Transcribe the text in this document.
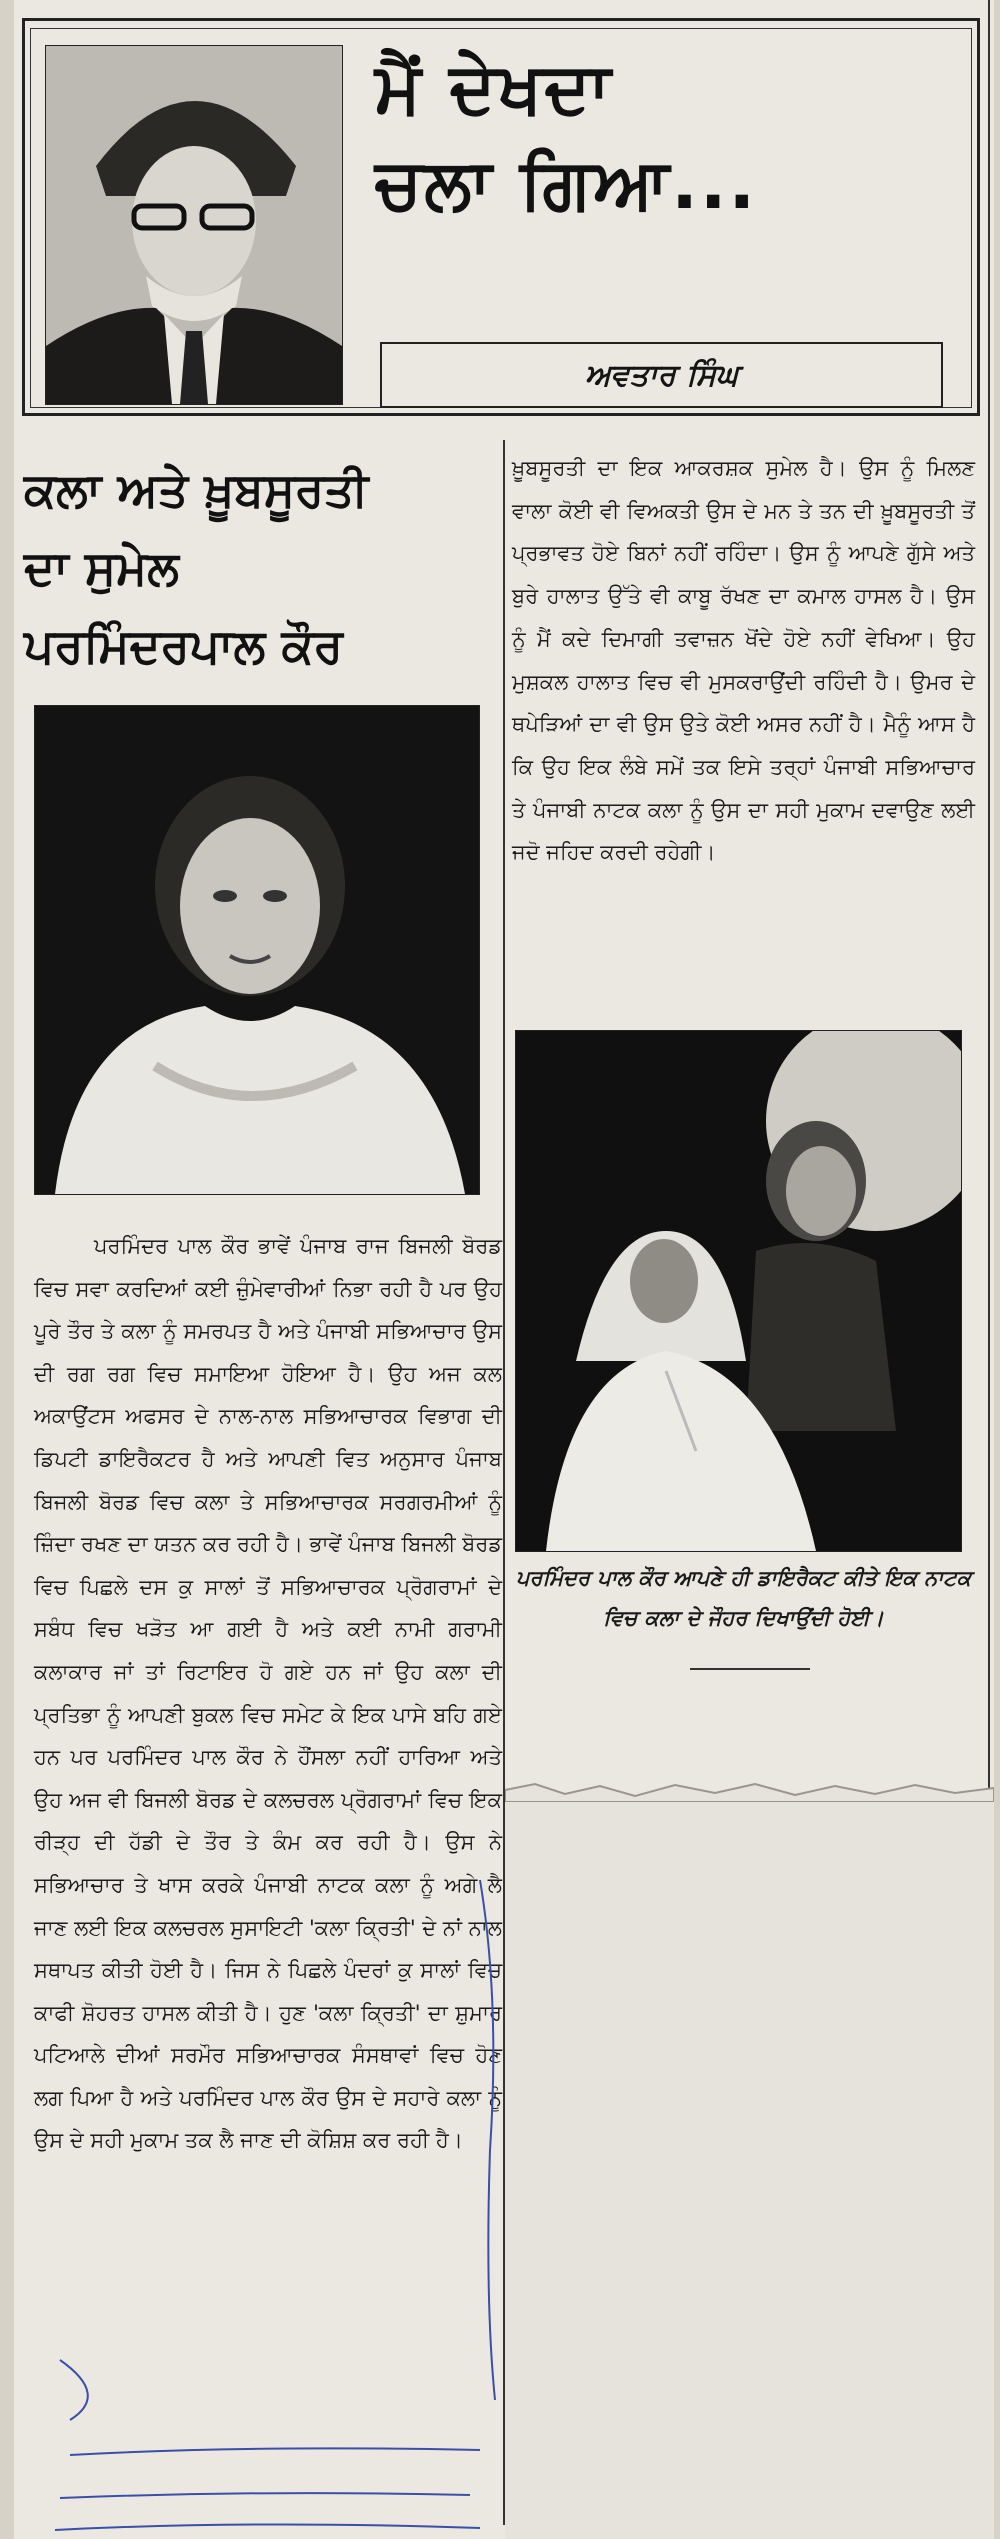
ਮੈਂ ਦੇਖਦਾ
ਚਲਾ ਗਿਆ...
ਅਵਤਾਰ ਸਿੰਘ
ਕਲਾ ਅਤੇ ਖ਼ੂਬਸੂਰਤੀ
ਦਾ ਸੁਮੇਲ
ਪਰਮਿੰਦਰਪਾਲ ਕੌਰ
ਪਰਮਿੰਦਰ ਪਾਲ ਕੌਰ ਭਾਵੇਂ ਪੰਜਾਬ ਰਾਜ ਬਿਜਲੀ ਬੋਰਡ ਵਿਚ ਸਵਾ ਕਰਦਿਆਂ ਕਈ ਜ਼ੁੰਮੇਵਾਰੀਆਂ ਨਿਭਾ ਰਹੀ ਹੈ ਪਰ ਉਹ ਪੂਰੇ ਤੌਰ ਤੇ ਕਲਾ ਨੂੰ ਸਮਰਪਤ ਹੈ ਅਤੇ ਪੰਜਾਬੀ ਸਭਿਆਚਾਰ ਉਸ ਦੀ ਰਗ ਰਗ ਵਿਚ ਸਮਾਇਆ ਹੋਇਆ ਹੈ। ਉਹ ਅਜ ਕਲ ਅਕਾਉਂਟਸ ਅਫਸਰ ਦੇ ਨਾਲ-ਨਾਲ ਸਭਿਆਚਾਰਕ ਵਿਭਾਗ ਦੀ ਡਿਪਟੀ ਡਾਇਰੈਕਟਰ ਹੈ ਅਤੇ ਆਪਣੀ ਵਿਤ ਅਨੁਸਾਰ ਪੰਜਾਬ ਬਿਜਲੀ ਬੋਰਡ ਵਿਚ ਕਲਾ ਤੇ ਸਭਿਆਚਾਰਕ ਸਰਗਰਮੀਆਂ ਨੂੰ ਜ਼ਿੰਦਾ ਰਖਣ ਦਾ ਯਤਨ ਕਰ ਰਹੀ ਹੈ। ਭਾਵੇਂ ਪੰਜਾਬ ਬਿਜਲੀ ਬੋਰਡ ਵਿਚ ਪਿਛਲੇ ਦਸ ਕੁ ਸਾਲਾਂ ਤੋਂ ਸਭਿਆਚਾਰਕ ਪ੍ਰੋਗਰਾਮਾਂ ਦੇ ਸਬੰਧ ਵਿਚ ਖੜੋਤ ਆ ਗਈ ਹੈ ਅਤੇ ਕਈ ਨਾਮੀ ਗਰਾਮੀ ਕਲਾਕਾਰ ਜਾਂ ਤਾਂ ਰਿਟਾਇਰ ਹੋ ਗਏ ਹਨ ਜਾਂ ਉਹ ਕਲਾ ਦੀ ਪ੍ਰਤਿਭਾ ਨੂੰ ਆਪਣੀ ਬੁਕਲ ਵਿਚ ਸਮੇਟ ਕੇ ਇਕ ਪਾਸੇ ਬਹਿ ਗਏ ਹਨ ਪਰ ਪਰਮਿੰਦਰ ਪਾਲ ਕੌਰ ਨੇ ਹੌਂਸਲਾ ਨਹੀਂ ਹਾਰਿਆ ਅਤੇ ਉਹ ਅਜ ਵੀ ਬਿਜਲੀ ਬੋਰਡ ਦੇ ਕਲਚਰਲ ਪ੍ਰੋਗਰਾਮਾਂ ਵਿਚ ਇਕ ਰੀੜ੍ਹ ਦੀ ਹੱਡੀ ਦੇ ਤੌਰ ਤੇ ਕੰਮ ਕਰ ਰਹੀ ਹੈ। ਉਸ ਨੇ ਸਭਿਆਚਾਰ ਤੇ ਖਾਸ ਕਰਕੇ ਪੰਜਾਬੀ ਨਾਟਕ ਕਲਾ ਨੂੰ ਅਗੇ ਲੈ ਜਾਣ ਲਈ ਇਕ ਕਲਚਰਲ ਸੁਸਾਇਟੀ 'ਕਲਾ ਕ੍ਰਿਤੀ' ਦੇ ਨਾਂ ਨਾਲ ਸਥਾਪਤ ਕੀਤੀ ਹੋਈ ਹੈ। ਜਿਸ ਨੇ ਪਿਛਲੇ ਪੰਦਰਾਂ ਕੁ ਸਾਲਾਂ ਵਿਚ ਕਾਫੀ ਸ਼ੋਹਰਤ ਹਾਸਲ ਕੀਤੀ ਹੈ। ਹੁਣ 'ਕਲਾ ਕ੍ਰਿਤੀ' ਦਾ ਸ਼ੁਮਾਰ ਪਟਿਆਲੇ ਦੀਆਂ ਸਰਮੌਰ ਸਭਿਆਚਾਰਕ ਸੰਸਥਾਵਾਂ ਵਿਚ ਹੋਣ ਲਗ ਪਿਆ ਹੈ ਅਤੇ ਪਰਮਿੰਦਰ ਪਾਲ ਕੌਰ ਉਸ ਦੇ ਸਹਾਰੇ ਕਲਾ ਨੂੰ ਉਸ ਦੇ ਸਹੀ ਮੁਕਾਮ ਤਕ ਲੈ ਜਾਣ ਦੀ ਕੋਸ਼ਿਸ਼ ਕਰ ਰਹੀ ਹੈ।
ਖ਼ੂਬਸੂਰਤੀ ਦਾ ਇਕ ਆਕਰਸ਼ਕ ਸੁਮੇਲ ਹੈ। ਉਸ ਨੂੰ ਮਿਲਣ ਵਾਲਾ ਕੋਈ ਵੀ ਵਿਅਕਤੀ ਉਸ ਦੇ ਮਨ ਤੇ ਤਨ ਦੀ ਖ਼ੂਬਸੂਰਤੀ ਤੋਂ ਪ੍ਰਭਾਵਤ ਹੋਏ ਬਿਨਾਂ ਨਹੀਂ ਰਹਿੰਦਾ। ਉਸ ਨੂੰ ਆਪਣੇ ਗੁੱਸੇ ਅਤੇ ਬੁਰੇ ਹਾਲਾਤ ਉੱਤੇ ਵੀ ਕਾਬੂ ਰੱਖਣ ਦਾ ਕਮਾਲ ਹਾਸਲ ਹੈ। ਉਸ ਨੂੰ ਮੈਂ ਕਦੇ ਦਿਮਾਗੀ ਤਵਾਜ਼ਨ ਖੋਂਦੇ ਹੋਏ ਨਹੀਂ ਵੇਖਿਆ। ਉਹ ਮੁਸ਼ਕਲ ਹਾਲਾਤ ਵਿਚ ਵੀ ਮੁਸਕਰਾਉਂਦੀ ਰਹਿੰਦੀ ਹੈ। ਉਮਰ ਦੇ ਥਪੇੜਿਆਂ ਦਾ ਵੀ ਉਸ ਉਤੇ ਕੋਈ ਅਸਰ ਨਹੀਂ ਹੈ। ਮੈਨੂੰ ਆਸ ਹੈ ਕਿ ਉਹ ਇਕ ਲੰਬੇ ਸਮੇਂ ਤਕ ਇਸੇ ਤਰ੍ਹਾਂ ਪੰਜਾਬੀ ਸਭਿਆਚਾਰ ਤੇ ਪੰਜਾਬੀ ਨਾਟਕ ਕਲਾ ਨੂੰ ਉਸ ਦਾ ਸਹੀ ਮੁਕਾਮ ਦਵਾਉਣ ਲਈ ਜਦੋ ਜਹਿਦ ਕਰਦੀ ਰਹੇਗੀ।
ਪਰਮਿੰਦਰ ਪਾਲ ਕੌਰ ਆਪਣੇ ਹੀ ਡਾਇਰੈਕਟ ਕੀਤੇ ਇਕ ਨਾਟਕ ਵਿਚ ਕਲਾ ਦੇ ਜੌਹਰ ਦਿਖਾਉਂਦੀ ਹੋਈ।
